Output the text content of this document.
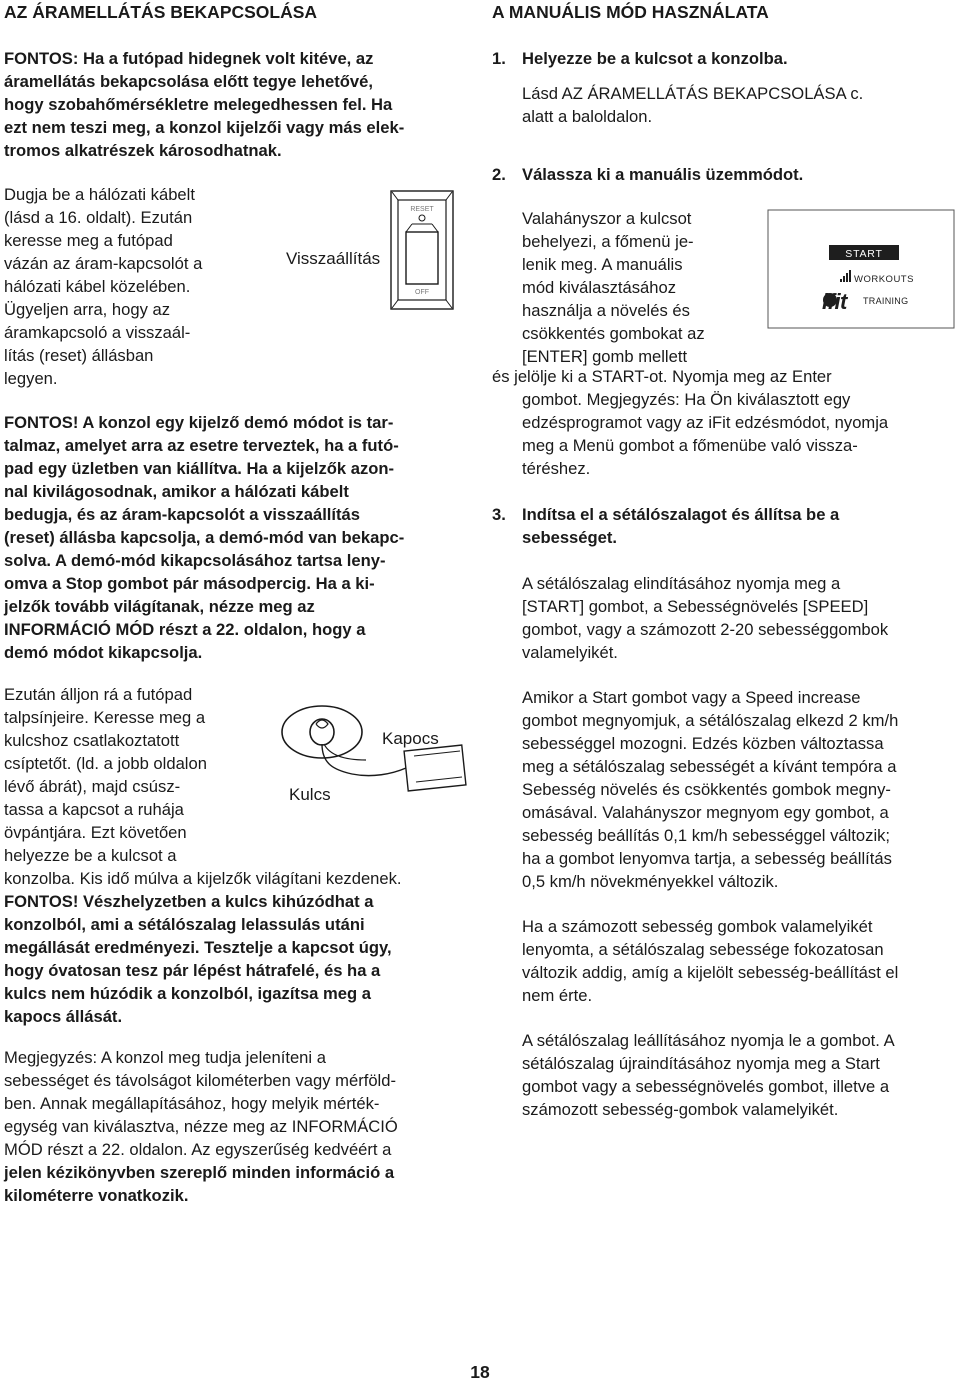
AZ ÁRAMELLÁTÁS BEKAPCSOLÁSA

FONTOS: Ha a futópad hidegnek volt kitéve, az

áramellátás bekapcsolása előtt tegye lehetővé,

hogy szobahőmérsékletre melegedhessen fel. Ha

ezt nem teszi meg, a konzol kijelzői vagy más elek-

tromos alkatrészek károsodhatnak.

Dugja be a hálózati kábelt

(lásd a 16. oldalt). Ezután

keresse meg a futópad

vázán az áram-kapcsolót a

hálózati kábel közelében.

Ügyeljen arra, hogy az

áramkapcsoló a visszaál-

lítás (reset) állásban

legyen.

Visszaállítás
RESET
OFF

FONTOS! A konzol egy kijelző demó módot is tar-

talmaz, amelyet arra az esetre terveztek, ha a futó-

pad egy üzletben van kiállítva. Ha a kijelzők azon-

nal kivilágosodnak, amikor a hálózati kábelt

bedugja, és az áram-kapcsolót a visszaállítás

(reset) állásba kapcsolja, a demó-mód van bekapc-

solva. A demó-mód kikapcsolásához tartsa leny-

omva a Stop gombot pár másodpercig. Ha a ki-

jelzők tovább világítanak, nézze meg az

INFORMÁCIÓ MÓD részt a 22. oldalon, hogy a

demó módot kikapcsolja.

Ezután álljon rá a futópad

talpsínjeire. Keresse meg a

kulcshoz csatlakoztatott

csíptetőt. (ld. a jobb oldalon

lévő ábrát), majd csúsz-

tassa a kapcsot a ruhája

övpántjára. Ezt követően

helyezze be a kulcsot a

konzolba. Kis idő múlva a kijelzők világítani kezdenek.

FONTOS! Vészhelyzetben a kulcs kihúzódhat a

konzolból, ami a sétálószalag lelassulás utáni

megállását eredményezi. Tesztelje a kapcsot úgy,

hogy óvatosan tesz pár lépést hátrafelé, és ha a

kulcs nem húzódik a konzolból, igazítsa meg a

kapocs állását.

Kapocs
Kulcs

Megjegyzés: A konzol meg tudja jeleníteni a

sebességet és távolságot kilométerben vagy mérföld-

ben. Annak megállapításához, hogy melyik mérték-

egység van kiválasztva, nézze meg az INFORMÁCIÓ

MÓD részt a 22. oldalon. Az egyszerűség kedvéért a

jelen kézikönyvben szereplő minden információ a

kilométerre vonatkozik.

A MANUÁLIS MÓD HASZNÁLATA
1. Helyezze be a kulcsot a konzolba.

Lásd AZ ÁRAMELLÁTÁS BEKAPCSOLÁSA c.

alatt a baloldalon.

2. Válassza ki a manuális üzemmódot.

Valahányszor a kulcsot

behelyezi, a főmenü je-

lenik meg. A manuális

mód kiválasztásához

használja a növelés és

csökkentés gombokat az

[ENTER] gomb mellett

és jelölje ki a START-ot. Nyomja meg az Enter

gombot. Megjegyzés: Ha Ön kiválasztott egy

edzésprogramot vagy az iFit edzésmódot, nyomja

meg a Menü gombot a főmenübe való vissza-

téréshez.

3. Indítsa el a sétálószalagot és állítsa be a

sebességet.

A sétálószalag elindításához nyomja meg a

[START] gombot, a Sebességnövelés [SPEED]

gombot, vagy a számozott 2-20 sebességgombok

valamelyikét.

Amikor a Start gombot vagy a Speed increase

gombot megnyomjuk, a sétálószalag elkezd 2 km/h

sebességgel mozogni. Edzés közben változtassa

meg a sétálószalag sebességét a kívánt tempóra a

Sebesség növelés és csökkentés gombok megny-

omásával. Valahányszor megnyom egy gombot, a

sebesség beállítás 0,1 km/h sebességgel változik;

ha a gombot lenyomva tartja, a sebesség beállítás

0,5 km/h növekményekkel változik.

Ha a számozott sebesség gombok valamelyikét

lenyomta, a sétálószalag sebessége fokozatosan

változik addig, amíg a kijelölt sebesség-beállítást el

nem érte.

A sétálószalag leállításához nyomja le a gombot. A

sétálószalag újraindításához nyomja meg a Start

gombot vagy a sebességnövelés gombot, illetve a

számozott sebesség-gombok valamelyikét.

START
WORKOUTS
TRAINING
ifit
18
